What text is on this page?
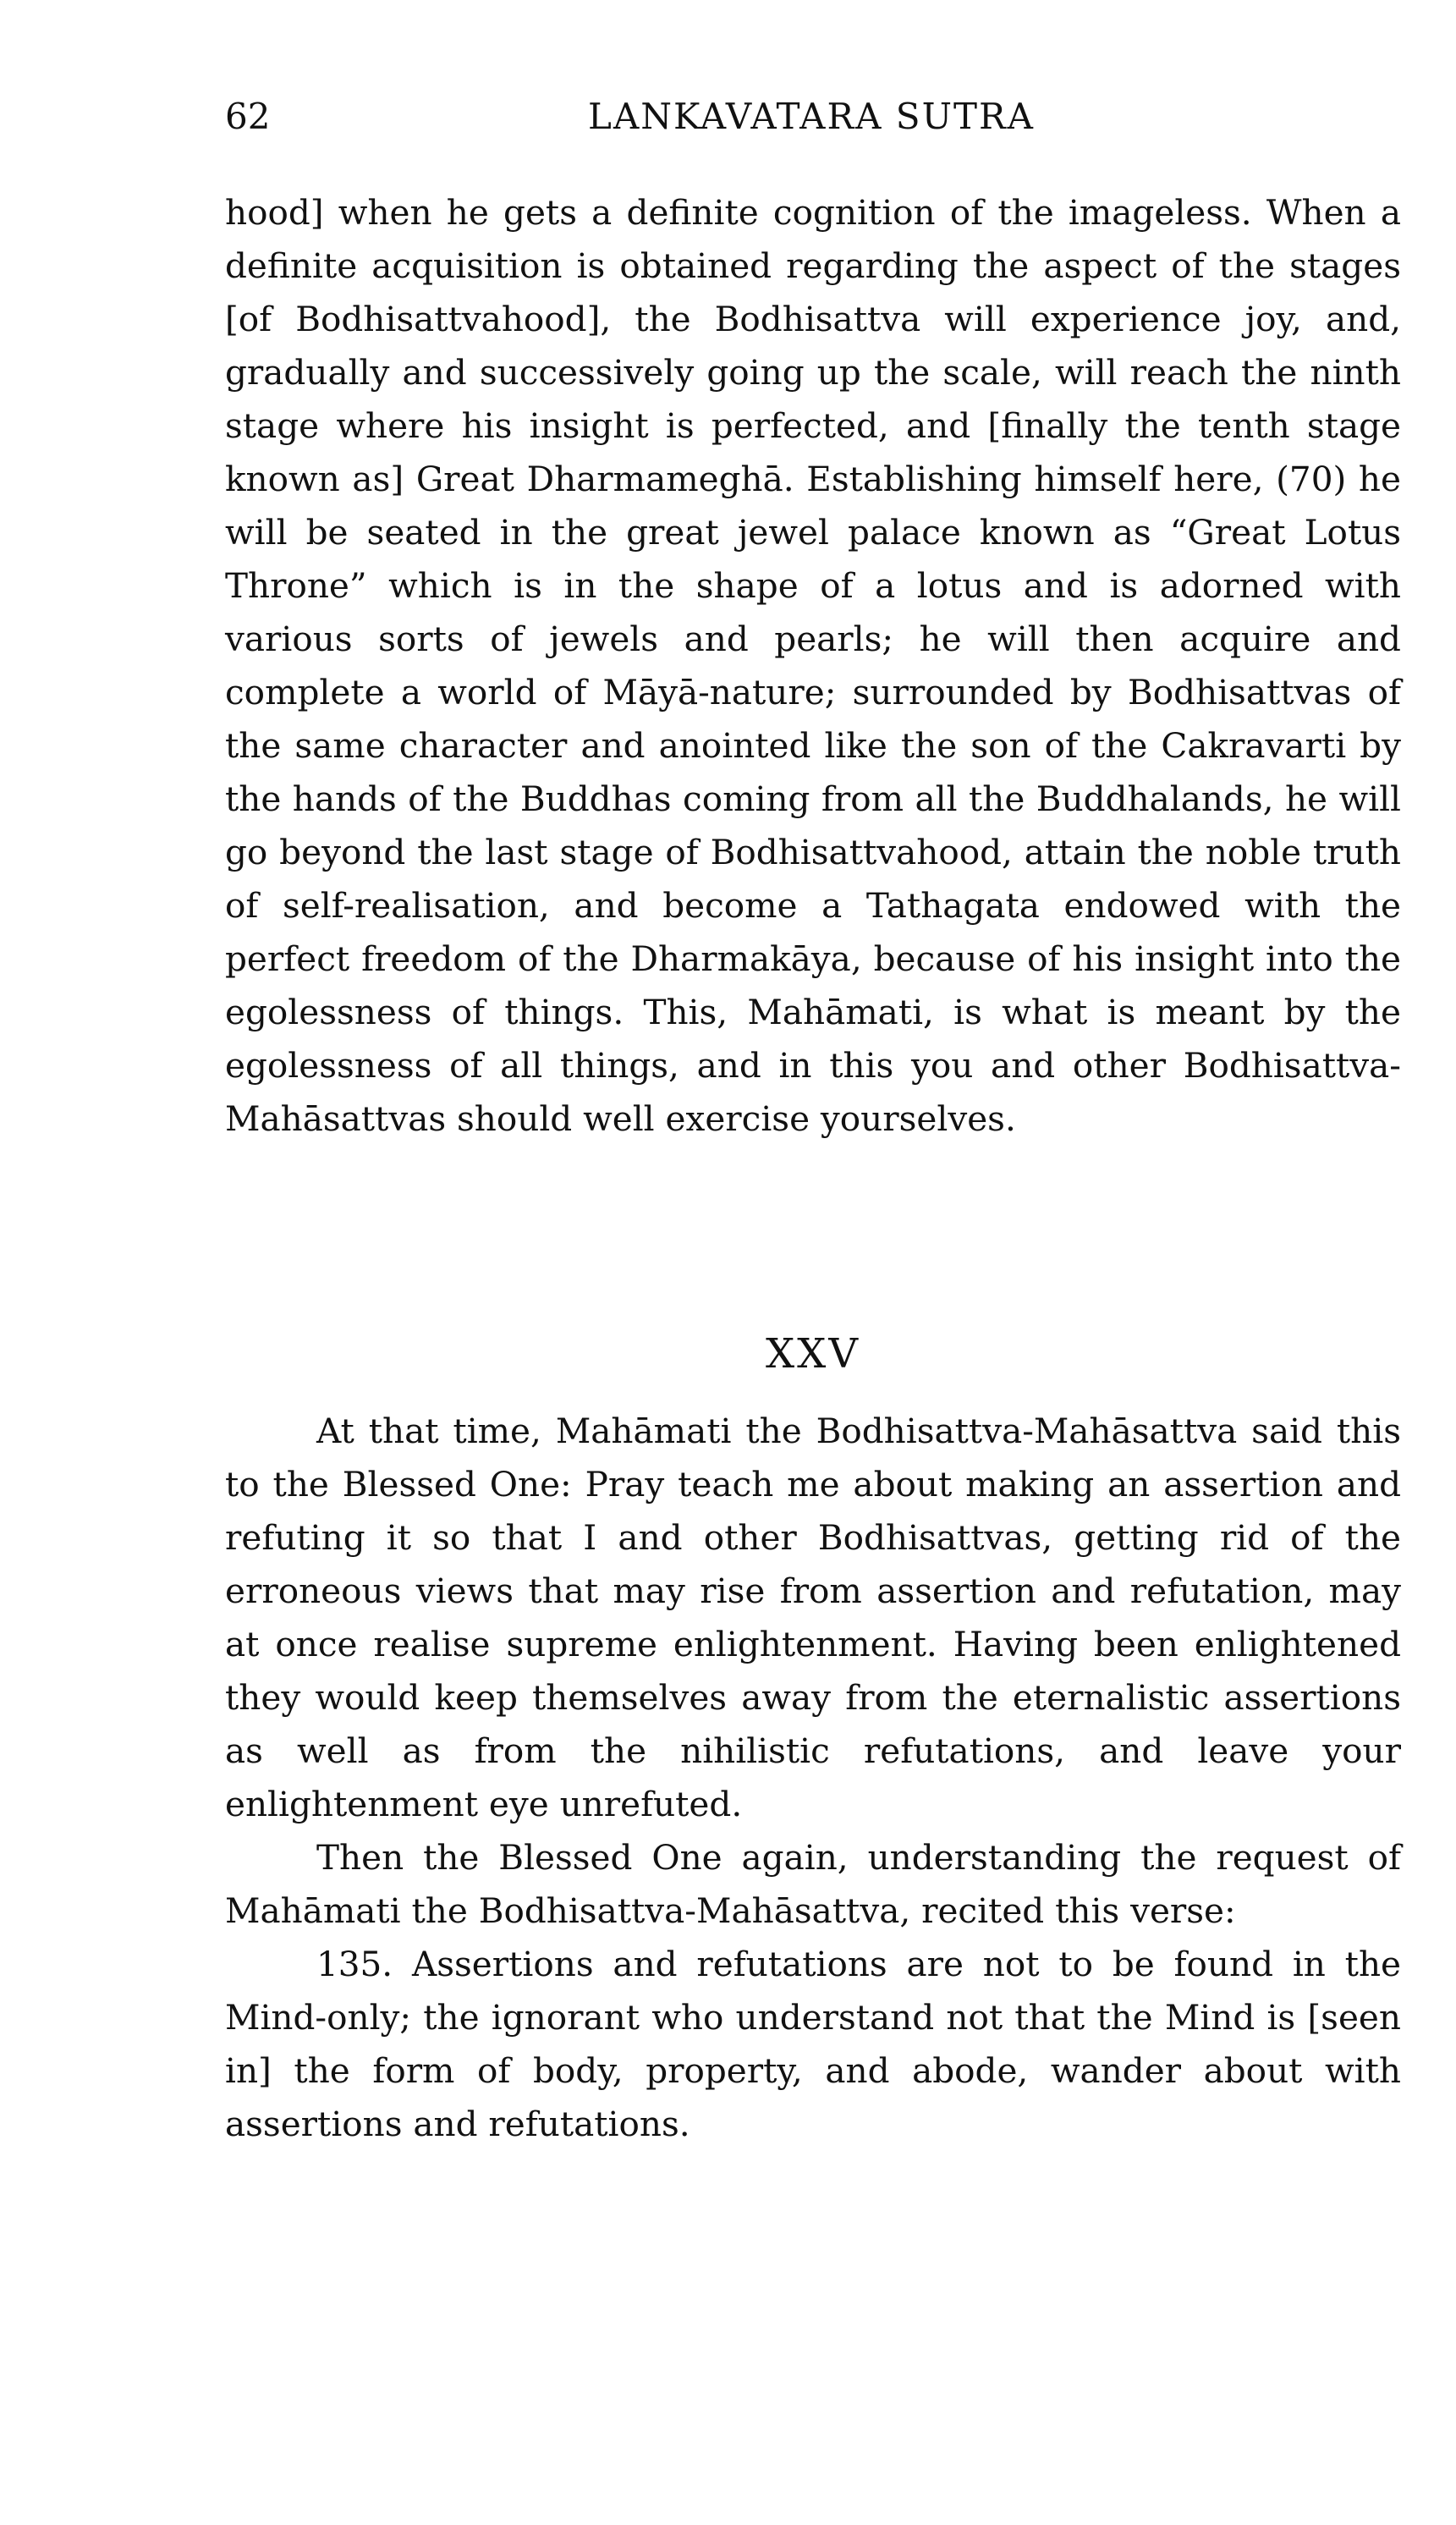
62	LANKAVATARA SUTRA

hood] when he gets a definite cognition of the imageless. When a definite acquisition is obtained regarding the aspect of the stages [of Bodhisattvahood], the Bodhisattva will experience joy, and, gradually and successively going up the scale, will reach the ninth stage where his insight is perfected, and [finally the tenth stage known as] Great Dharmameghā. Establishing himself here, (70) he will be seated in the great jewel palace known as “Great Lotus Throne” which is in the shape of a lotus and is adorned with various sorts of jewels and pearls; he will then acquire and complete a world of Māyā-nature; surrounded by Bodhisattvas of the same character and anointed like the son of the Cakravarti by the hands of the Buddhas coming from all the Buddhalands, he will go beyond the last stage of Bodhisattvahood, attain the noble truth of self-realisation, and become a Tathagata endowed with the perfect freedom of the Dharmakāya, because of his insight into the egolessness of things. This, Mahāmati, is what is meant by the egolessness of all things, and in this you and other Bodhisattva-Mahāsattvas should well exercise yourselves.

XXV

At that time, Mahāmati the Bodhisattva-Mahāsattva said this to the Blessed One: Pray teach me about making an assertion and refuting it so that I and other Bodhisattvas, getting rid of the erroneous views that may rise from assertion and refutation, may at once realise supreme enlightenment. Having been enlightened they would keep themselves away from the eternalistic assertions as well as from the nihilistic refutations, and leave your enlightenment eye unrefuted.

Then the Blessed One again, understanding the request of Mahāmati the Bodhisattva-Mahāsattva, recited this verse:

135. Assertions and refutations are not to be found in the Mind-only; the ignorant who understand not that the Mind is [seen in] the form of body, property, and abode, wander about with assertions and refutations.
